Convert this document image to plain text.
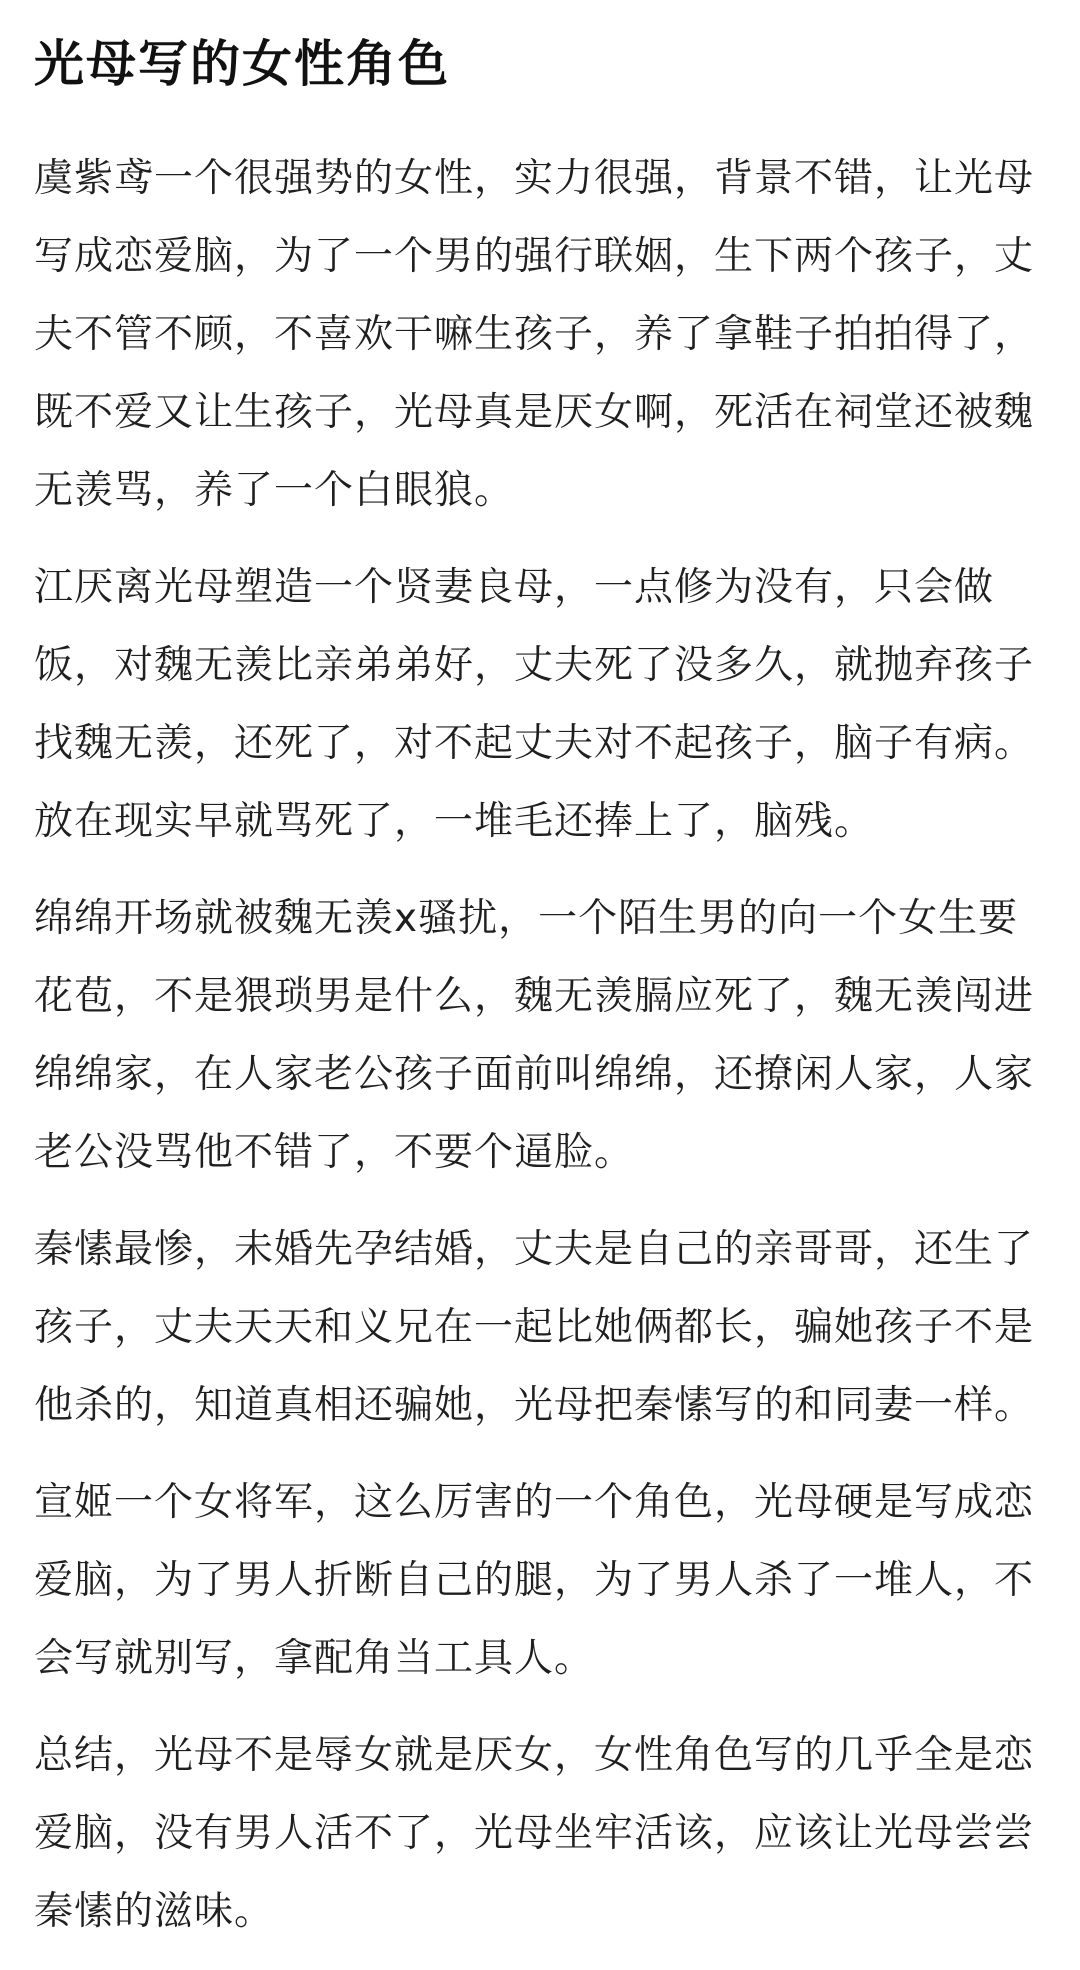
光母写的女性角色

虞紫鸢一个很强势的女性，实力很强，背景不错，让光母写成恋爱脑，为了一个男的强行联姻，生下两个孩子，丈夫不管不顾，不喜欢干嘛生孩子，养了拿鞋子拍拍得了，既不爱又让生孩子，光母真是厌女啊，死活在祠堂还被魏无羡骂，养了一个白眼狼。

江厌离光母塑造一个贤妻良母，一点修为没有，只会做饭，对魏无羡比亲弟弟好，丈夫死了没多久，就抛弃孩子找魏无羡，还死了，对不起丈夫对不起孩子，脑子有病。放在现实早就骂死了，一堆毛还捧上了，脑残。

绵绵开场就被魏无羡x骚扰，一个陌生男的向一个女生要花苞，不是猥琐男是什么，魏无羡膈应死了，魏无羡闯进绵绵家，在人家老公孩子面前叫绵绵，还撩闲人家，人家老公没骂他不错了，不要个逼脸。

秦愫最惨，未婚先孕结婚，丈夫是自己的亲哥哥，还生了孩子，丈夫天天和义兄在一起比她俩都长，骗她孩子不是他杀的，知道真相还骗她，光母把秦愫写的和同妻一样。

宣姬一个女将军，这么厉害的一个角色，光母硬是写成恋爱脑，为了男人折断自己的腿，为了男人杀了一堆人，不会写就别写，拿配角当工具人。

总结，光母不是辱女就是厌女，女性角色写的几乎全是恋爱脑，没有男人活不了，光母坐牢活该，应该让光母尝尝秦愫的滋味。
